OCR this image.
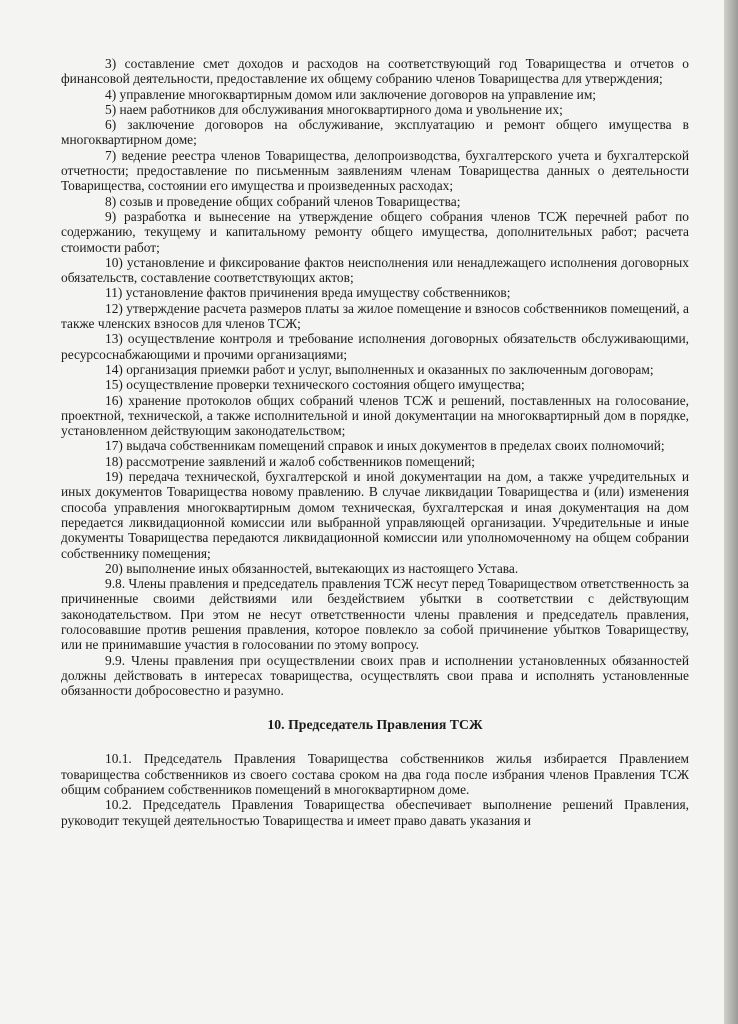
3) составление смет доходов и расходов на соответствующий год Товарищества и отчетов о финансовой деятельности, предоставление их общему собранию членов Товарищества для утверждения;

4) управление многоквартирным домом или заключение договоров на управление им;

5) наем работников для обслуживания многоквартирного дома и увольнение их;

6) заключение договоров на обслуживание, эксплуатацию и ремонт общего имущества в многоквартирном доме;

7) ведение реестра членов Товарищества, делопроизводства, бухгалтерского учета и бухгалтерской отчетности; предоставление по письменным заявлениям членам Товарищества данных о деятельности Товарищества, состоянии его имущества и произведенных расходах;

8) созыв и проведение общих собраний членов Товарищества;

9) разработка и вынесение на утверждение общего собрания членов ТСЖ перечней работ по содержанию, текущему и капитальному ремонту общего имущества, дополнительных работ; расчета стоимости работ;

10) установление и фиксирование фактов неисполнения или ненадлежащего исполнения договорных обязательств, составление соответствующих актов;

11) установление фактов причинения вреда имуществу собственников;

12) утверждение расчета размеров платы за жилое помещение и взносов собственников помещений, а также членских взносов для членов ТСЖ;

13) осуществление контроля и требование исполнения договорных обязательств обслуживающими, ресурсоснабжающими и прочими организациями;

14) организация приемки работ и услуг, выполненных и оказанных по заключенным договорам;

15) осуществление проверки технического состояния общего имущества;

16) хранение протоколов общих собраний членов ТСЖ и решений, поставленных на голосование, проектной, технической, а также исполнительной и иной документации на многоквартирный дом в порядке, установленном действующим законодательством;

17) выдача собственникам помещений справок и иных документов в пределах своих полномочий;

18) рассмотрение заявлений и жалоб собственников помещений;

19) передача технической, бухгалтерской и иной документации на дом, а также учредительных и иных документов Товарищества новому правлению. В случае ликвидации Товарищества и (или) изменения способа управления многоквартирным домом техническая, бухгалтерская и иная документация на дом передается ликвидационной комиссии или выбранной управляющей организации. Учредительные и иные документы Товарищества передаются ликвидационной комиссии или уполномоченному на общем собрании собственнику помещения;

20) выполнение иных обязанностей, вытекающих из настоящего Устава.

9.8. Члены правления и председатель правления ТСЖ несут перед Товариществом ответственность за причиненные своими действиями или бездействием убытки в соответствии с действующим законодательством. При этом не несут ответственности члены правления и председатель правления, голосовавшие против решения правления, которое повлекло за собой причинение убытков Товариществу, или не принимавшие участия в голосовании по этому вопросу.

9.9. Члены правления при осуществлении своих прав и исполнении установленных обязанностей должны действовать в интересах товарищества, осуществлять свои права и исполнять установленные обязанности добросовестно и разумно.

10. Председатель Правления ТСЖ

10.1. Председатель Правления Товарищества собственников жилья избирается Правлением товарищества собственников из своего состава сроком на два года после избрания членов Правления ТСЖ общим собранием собственников помещений в многоквартирном доме.

10.2. Председатель Правления Товарищества обеспечивает выполнение решений Правления, руководит текущей деятельностью Товарищества и имеет право давать указания и
